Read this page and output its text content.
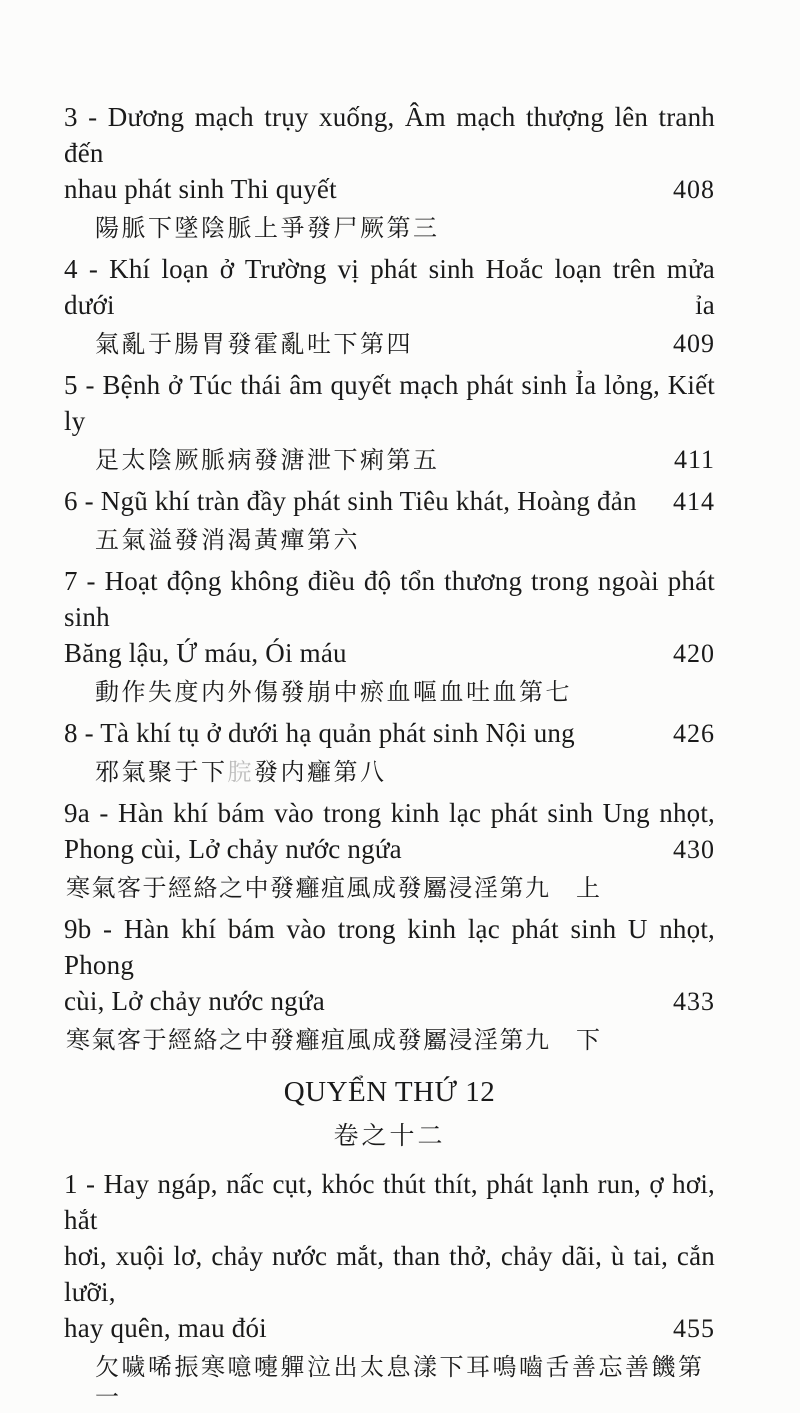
3 - Dương mạch trụy xuống, Âm mạch thượng lên tranh đến
nhau phát sinh Thi quyết	408
陽脈下墜陰脈上爭發尸厥第三
4 - Khí loạn ở Trường vị phát sinh Hoắc loạn trên mửa dưới ỉa
氣亂于腸胃發霍亂吐下第四	409
5 - Bệnh ở Túc thái âm quyết mạch phát sinh Ỉa lỏng, Kiết ly
足太陰厥脈病發溏泄下痢第五	411
6 - Ngũ khí tràn đầy phát sinh Tiêu khát, Hoàng đản 414
五氣溢發消渴黃癉第六
7 - Hoạt động không điều độ tổn thương trong ngoài phát sinh
Băng lậu, Ứ máu, Ói máu	420
動作失度内外傷發崩中瘀血嘔血吐血第七
8 - Tà khí tụ ở dưới hạ quản phát sinh Nội ung	426
邪氣聚于下脘發内癰第八
9a - Hàn khí bám vào trong kinh lạc phát sinh Ung nhọt,
Phong cùi, Lở chảy nước ngứa	430
寒氣客于經絡之中發癰疽風成發屬浸淫第九　上
9b - Hàn khí bám vào trong kinh lạc phát sinh U nhọt, Phong
cùi, Lở chảy nước ngứa	433
寒氣客于經絡之中發癰疽風成發屬浸淫第九　下
QUYỂN THỨ 12
卷之十二
1 - Hay ngáp, nấc cụt, khóc thút thít, phát lạnh run, ợ hơi, hắt
hơi, xuội lơ, chảy nước mắt, than thở, chảy dãi, ù tai, cắn lưỡi,
hay quên, mau đói	455
欠噦唏振寒噫嚏軃泣出太息漾下耳鳴嚙舌善忘善饑第一
